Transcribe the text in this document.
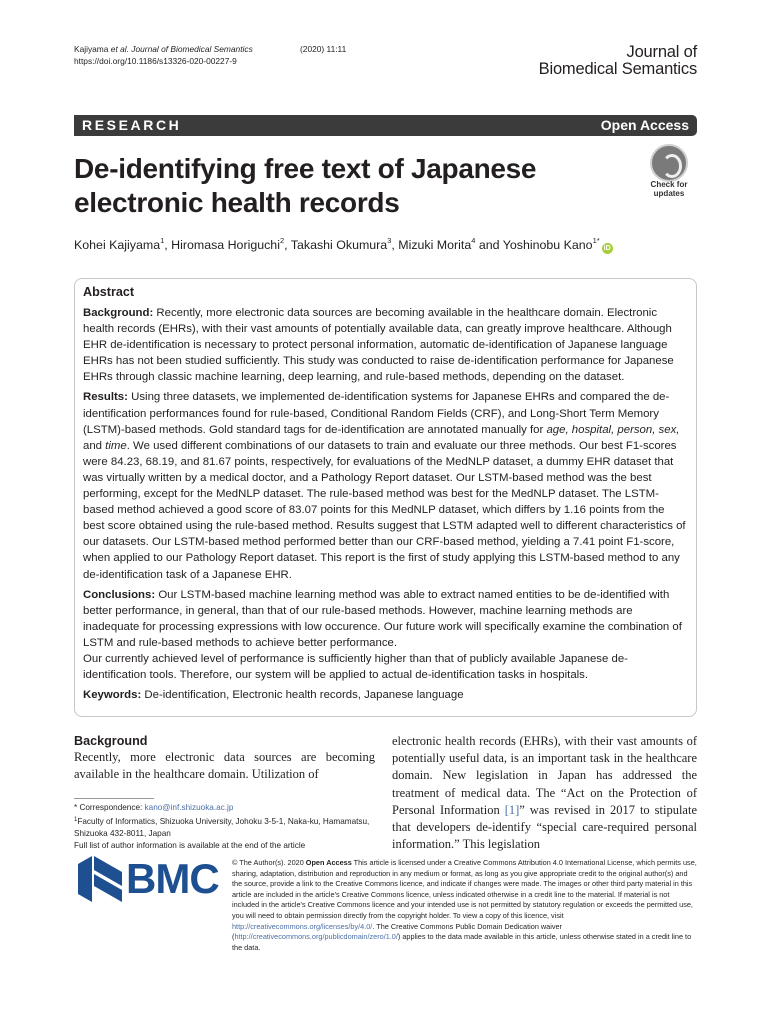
Kajiyama et al. Journal of Biomedical Semantics	(2020) 11:11
https://doi.org/10.1186/s13326-020-00227-9
Journal of
Biomedical Semantics
RESEARCH	Open Access
De-identifying free text of Japanese electronic health records
Check for
updates
Kohei Kajiyama$^1$, Hiromasa Horiguchi$^2$, Takashi Okumura$^3$, Mizuki Morita$^4$ and Yoshinobu Kano$^{1*}$iD
Abstract

Background: Recently, more electronic data sources are becoming available in the healthcare domain. Electronic health records (EHRs), with their vast amounts of potentially available data, can greatly improve healthcare. Although EHR de-identification is necessary to protect personal information, automatic de-identification of Japanese language EHRs has not been studied sufficiently. This study was conducted to raise de-identification performance for Japanese EHRs through classic machine learning, deep learning, and rule-based methods, depending on the dataset.

Results: Using three datasets, we implemented de-identification systems for Japanese EHRs and compared the de-identification performances found for rule-based, Conditional Random Fields (CRF), and Long-Short Term Memory (LSTM)-based methods. Gold standard tags for de-identification are annotated manually for age, hospital, person, sex, and time. We used different combinations of our datasets to train and evaluate our three methods. Our best F1-scores were 84.23, 68.19, and 81.67 points, respectively, for evaluations of the MedNLP dataset, a dummy EHR dataset that was virtually written by a medical doctor, and a Pathology Report dataset. Our LSTM-based method was the best performing, except for the MedNLP dataset. The rule-based method was best for the MedNLP dataset. The LSTM-based method achieved a good score of 83.07 points for this MedNLP dataset, which differs by 1.16 points from the best score obtained using the rule-based method. Results suggest that LSTM adapted well to different characteristics of our datasets. Our LSTM-based method performed better than our CRF-based method, yielding a 7.41 point F1-score, when applied to our Pathology Report dataset. This report is the first of study applying this LSTM-based method to any de-identification task of a Japanese EHR.

Conclusions: Our LSTM-based machine learning method was able to extract named entities to be de-identified with better performance, in general, than that of our rule-based methods. However, machine learning methods are inadequate for processing expressions with low occurence. Our future work will specifically examine the combination of LSTM and rule-based methods to achieve better performance.

Our currently achieved level of performance is sufficiently higher than that of publicly available Japanese de-identification tools. Therefore, our system will be applied to actual de-identification tasks in hospitals.

Keywords: De-identification, Electronic health records, Japanese language

Background

Recently, more electronic data sources are becoming available in the healthcare domain. Utilization of

electronic health records (EHRs), with their vast amounts of potentially useful data, is an important task in the healthcare domain. New legislation in Japan has addressed the treatment of medical data. The “Act on the Protection of Personal Information [1]” was revised in 2017 to stipulate that developers de-identify “special care-required personal information.” This legislation
* Correspondence: kano@inf.shizuoka.ac.jp
$^1$Faculty of Informatics, Shizuoka University, Johoku 3-5-1, Naka-ku, Hamamatsu, Shizuoka 432-8011, Japan
Full list of author information is available at the end of the article
BMC © The Author(s). 2020 Open Access This article is licensed under a Creative Commons Attribution 4.0 International License, which permits use, sharing, adaptation, distribution and reproduction in any medium or format, as long as you give appropriate credit to the original author(s) and the source, provide a link to the Creative Commons licence, and indicate if changes were made. The images or other third party material in this article are included in the article's Creative Commons licence, unless indicated otherwise in a credit line to the material. If material is not included in the article's Creative Commons licence and your intended use is not permitted by statutory regulation or exceeds the permitted use, you will need to obtain permission directly from the copyright holder. To view a copy of this licence, visit http://creativecommons.org/licenses/by/4.0/. The Creative Commons Public Domain Dedication waiver (http://creativecommons.org/publicdomain/zero/1.0/) applies to the data made available in this article, unless otherwise stated in a credit line to the data.
